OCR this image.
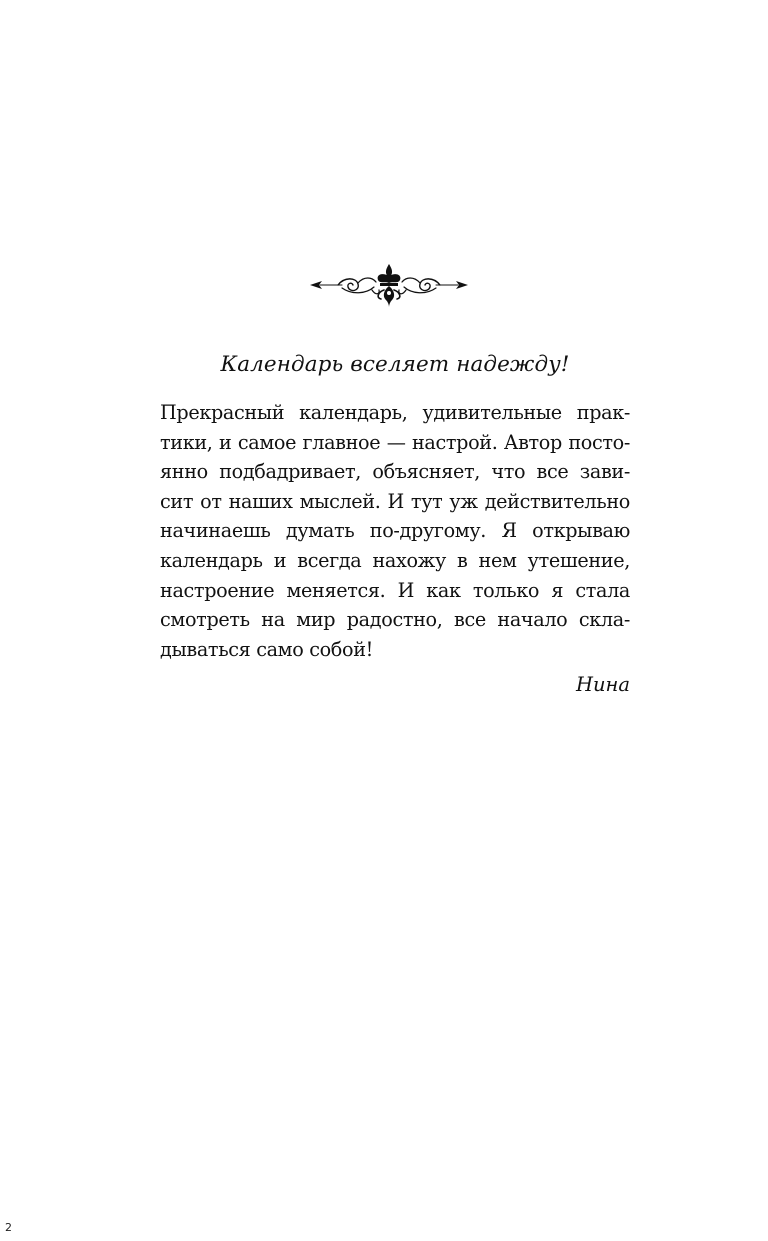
Календарь вселяет надежду!
Прекрасный календарь, удивительные прак-
тики, и самое главное — настрой. Автор посто-
янно подбадривает, объясняет, что все зави-
сит от наших мыслей. И тут уж действительно
начинаешь думать по-другому. Я открываю
календарь и всегда нахожу в нем утешение,
настроение меняется. И как только я стала
смотреть на мир радостно, все начало скла-
дываться само собой!
Нина
2
